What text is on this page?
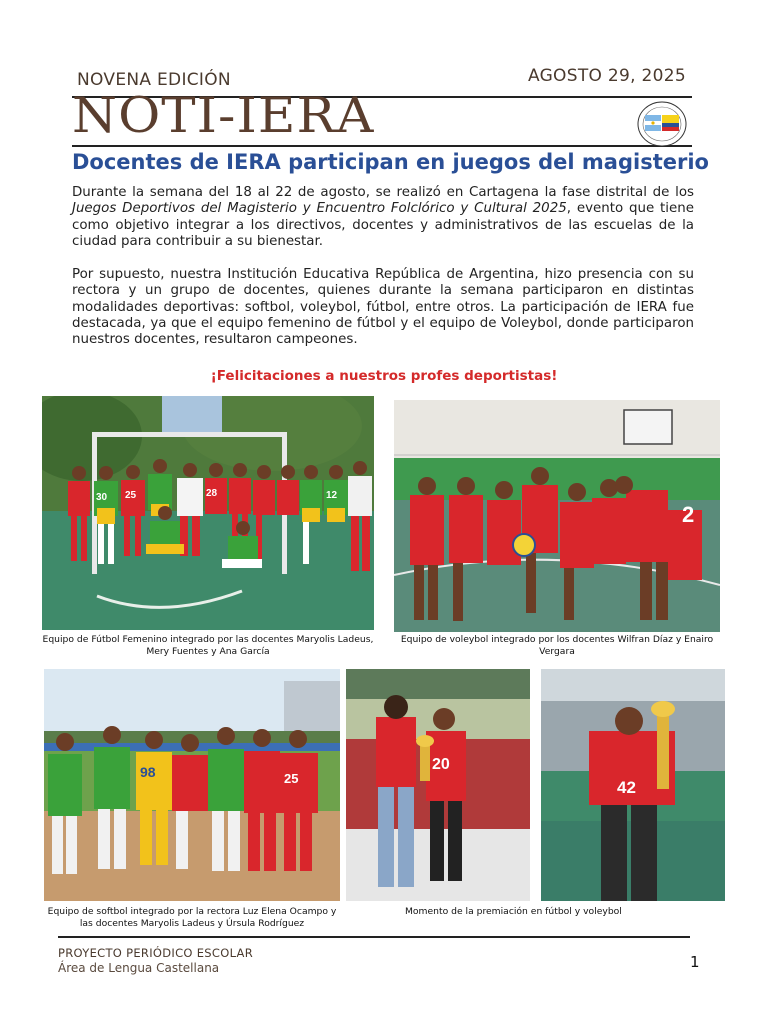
NOVENA EDICIÓN	AGOSTO 29, 2025
NOTI-IERA
Docentes de IERA participan en juegos del magisterio

Durante la semana del 18 al 22 de agosto, se realizó en Cartagena la fase distrital de los Juegos Deportivos del Magisterio y Encuentro Folclórico y Cultural 2025, evento que tiene como objetivo integrar a los directivos, docentes y administrativos de las escuelas de la ciudad para contribuir a su bienestar.

Por supuesto, nuestra Institución Educativa República de Argentina, hizo presencia con su rectora y un grupo de docentes, quienes durante la semana participaron en distintas modalidades deportivas: softbol, voleybol, fútbol, entre otros. La participación de IERA fue destacada, ya que el equipo femenino de fútbol y el equipo de Voleybol, donde participaron nuestros docentes, resultaron campeones.

¡Felicitaciones a nuestros profes deportistas!
30 25	28	12
Equipo de Fútbol Femenino integrado por las docentes Maryolis Ladeus, Mery Fuentes y Ana García
2
Equipo de voleybol integrado por los docentes Wilfran Díaz y Enairo Vergara
98	25
Equipo de softbol integrado por la rectora Luz Elena Ocampo y las docentes Maryolis Ladeus y Úrsula Rodríguez
20
42
Momento de la premiación en fútbol y voleybol
PROYECTO PERIÓDICO ESCOLAR
Área de Lengua Castellana	1
